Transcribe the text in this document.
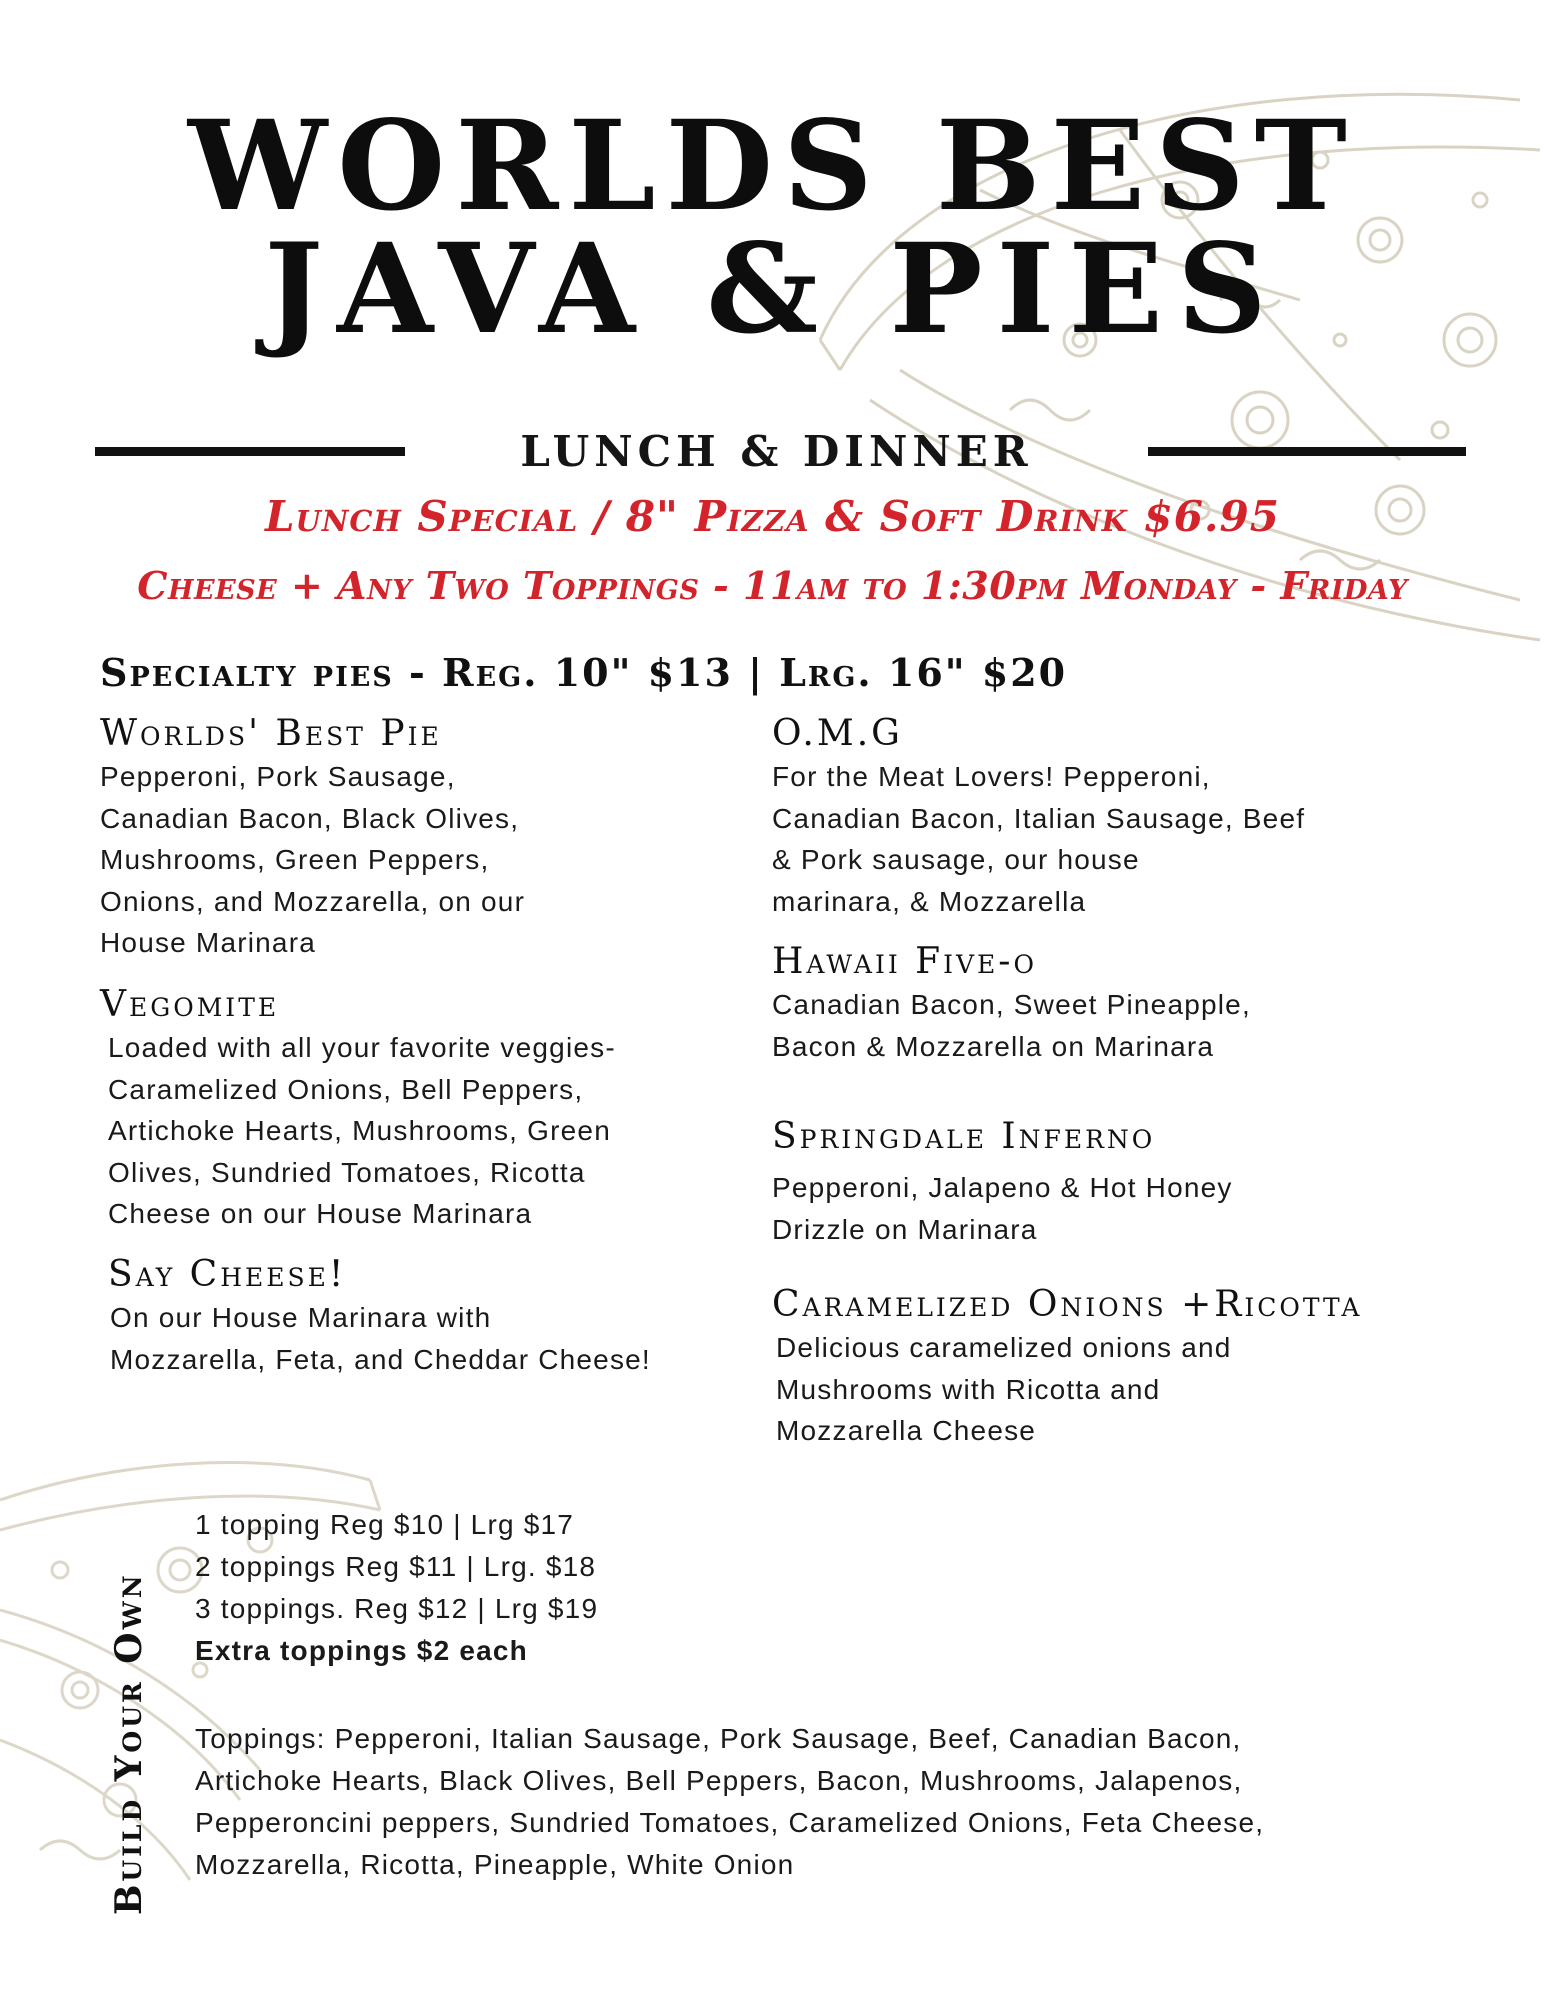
WORLDS BEST
JAVA & PIES
LUNCH & DINNER
Lunch Special / 8" Pizza & Soft Drink $6.95
Cheese + Any Two Toppings - 11am to 1:30pm Monday - Friday
Specialty pies - Reg. 10" $13 | Lrg. 16" $20
Worlds' Best Pie
Pepperoni, Pork Sausage,
Canadian Bacon, Black Olives,
Mushrooms, Green Peppers,
Onions, and Mozzarella, on our
House Marinara
Vegomite
Loaded with all your favorite veggies-
Caramelized Onions, Bell Peppers,
Artichoke Hearts, Mushrooms, Green
Olives, Sundried Tomatoes, Ricotta
Cheese on our House Marinara
Say Cheese!
On our House Marinara with
Mozzarella, Feta, and Cheddar Cheese!
O.M.G
For the Meat Lovers! Pepperoni,
Canadian Bacon, Italian Sausage, Beef
& Pork sausage, our house
marinara, & Mozzarella
Hawaii Five-o
Canadian Bacon, Sweet Pineapple,
Bacon & Mozzarella on Marinara
Springdale Inferno
Pepperoni, Jalapeno & Hot Honey
Drizzle on Marinara
Caramelized Onions +Ricotta
Delicious caramelized onions and
Mushrooms with Ricotta and
Mozzarella Cheese
Build Your Own
1 topping Reg $10 | Lrg $17
2 toppings Reg $11 | Lrg. $18
3 toppings. Reg $12 | Lrg $19
Extra toppings $2 each
Toppings: Pepperoni, Italian Sausage, Pork Sausage, Beef, Canadian Bacon,
Artichoke Hearts, Black Olives, Bell Peppers, Bacon, Mushrooms, Jalapenos,
Pepperoncini peppers, Sundried Tomatoes, Caramelized Onions, Feta Cheese,
Mozzarella, Ricotta, Pineapple, White Onion
